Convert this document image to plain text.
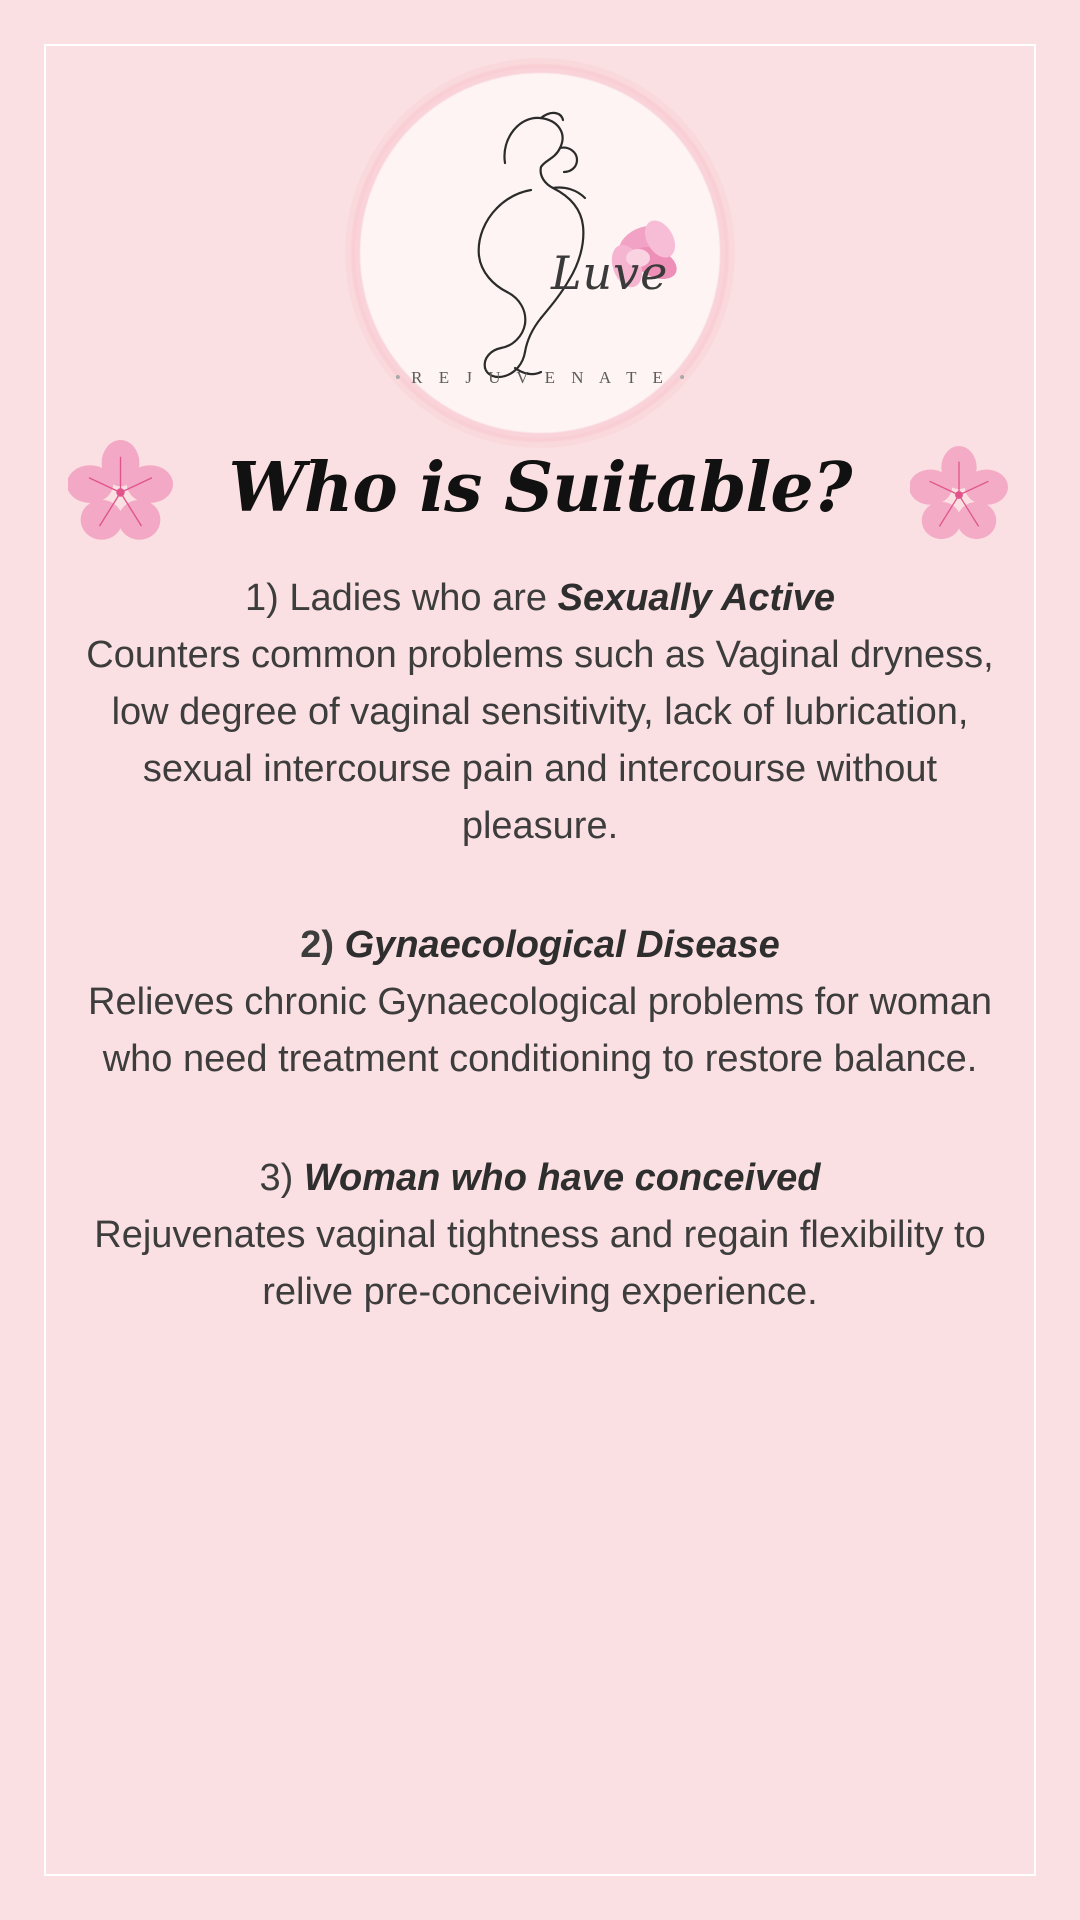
Luve
• R E J U V E N A T E •
Who is Suitable?
1) Ladies who are Sexually Active
Counters common problems such as Vaginal dryness, low degree of vaginal sensitivity, lack of lubrication, sexual intercourse pain and intercourse without pleasure.
2) Gynaecological Disease
Relieves chronic Gynaecological problems for woman who need treatment conditioning to restore balance.
3) Woman who have conceived
Rejuvenates vaginal tightness and regain flexibility to relive pre-conceiving experience.
